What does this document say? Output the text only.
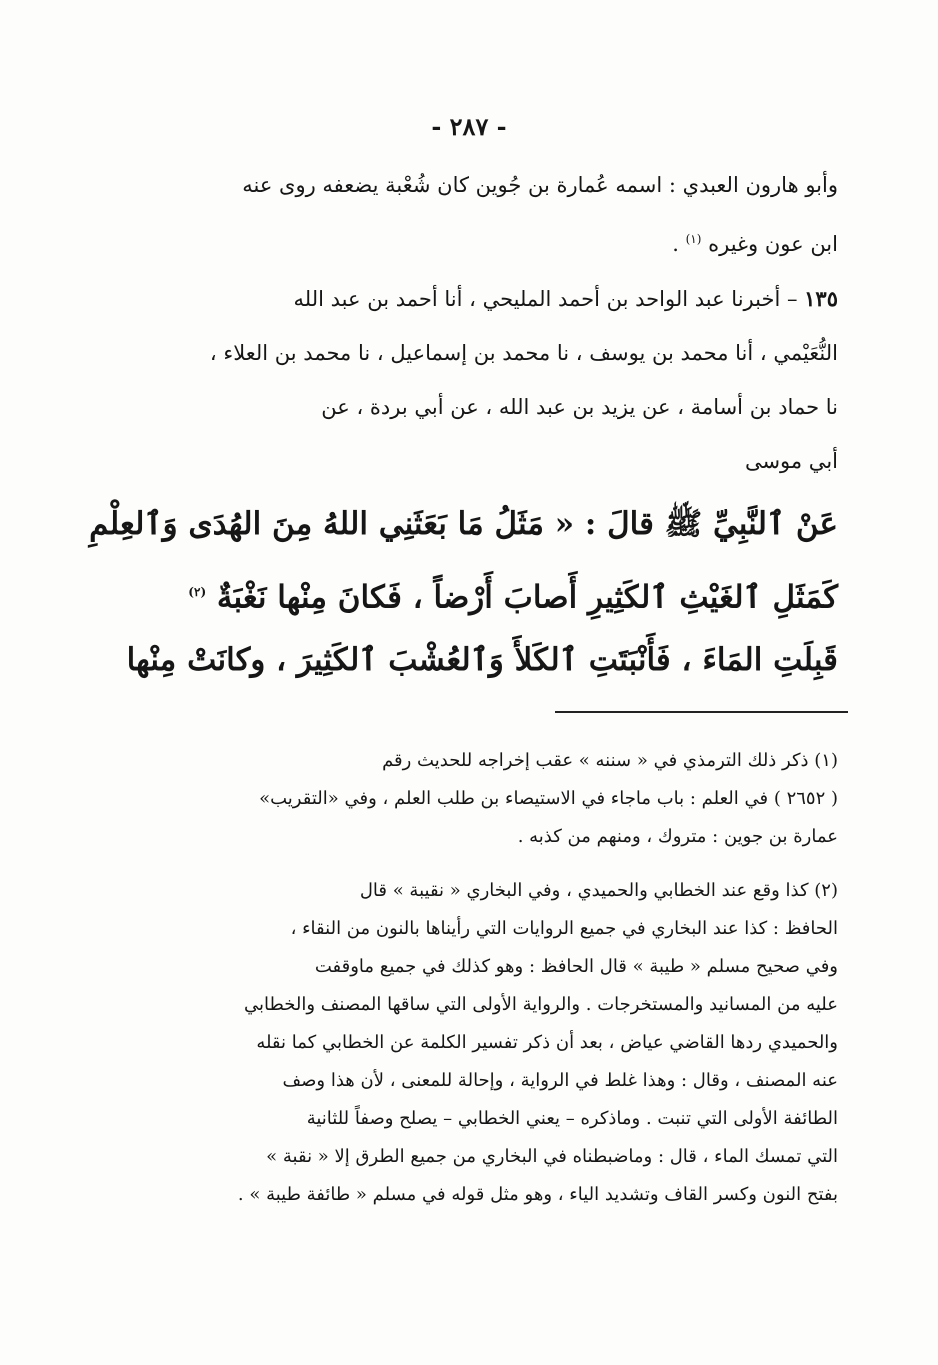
- ٢٨٧ -
وأبو هارون العبدي : اسمه عُمارة بن جُوين كان شُعْبة يضعفه روى عنه
ابن عون وغيره $^{(١)}$ .
١٣٥ – أخبرنا عبد الواحد بن أحمد المليحي ، أنا أحمد بن عبد الله
النُّعَيْمي ، أنا محمد بن يوسف ، نا محمد بن إسماعيل ، نا محمد بن العلاء ،
نا حماد بن أسامة ، عن يزيد بن عبد الله ، عن أبي بردة ، عن
أبي موسى
عَنْ ٱلنَّبِيِّ ﷺ قالَ : « مَثَلُ مَا بَعَثَنِي اللهُ مِنَ الهُدَى وَٱلعِلْمِ
كَمَثَلِ ٱلغَيْثِ ٱلكَثِيرِ أَصابَ أَرْضاً ، فَكانَ مِنْها نَغْبَةٌ $^{(٢)}$
قَبِلَتِ المَاءَ ، فَأَنْبَتَتِ ٱلكَلأَ وَٱلعُشْبَ ٱلكَثِيرَ ، وكانَتْ مِنْها
(١) ذكر ذلك الترمذي في « سننه » عقب إخراجه للحديث رقم
( ٢٦٥٢ ) في العلم : باب ماجاء في الاستيصاء بن طلب العلم ، وفي «التقريب»
عمارة بن جوين : متروك ، ومنهم من كذبه .
(٢) كذا وقع عند الخطابي والحميدي ، وفي البخاري « نقيبة » قال
الحافظ : كذا عند البخاري في جميع الروايات التي رأيناها بالنون من النقاء ،
وفي صحيح مسلم « طيبة » قال الحافظ : وهو كذلك في جميع ماوقفت
عليه من المسانيد والمستخرجات . والرواية الأولى التي ساقها المصنف والخطابي
والحميدي ردها القاضي عياض ، بعد أن ذكر تفسير الكلمة عن الخطابي كما نقله
عنه المصنف ، وقال : وهذا غلط في الرواية ، وإحالة للمعنى ، لأن هذا وصف
الطائفة الأولى التي تنبت . وماذكره – يعني الخطابي – يصلح وصفاً للثانية
التي تمسك الماء ، قال : وماضبطناه في البخاري من جميع الطرق إلا « نقبة »
بفتح النون وكسر القاف وتشديد الياء ، وهو مثل قوله في مسلم « طائفة طيبة » .
